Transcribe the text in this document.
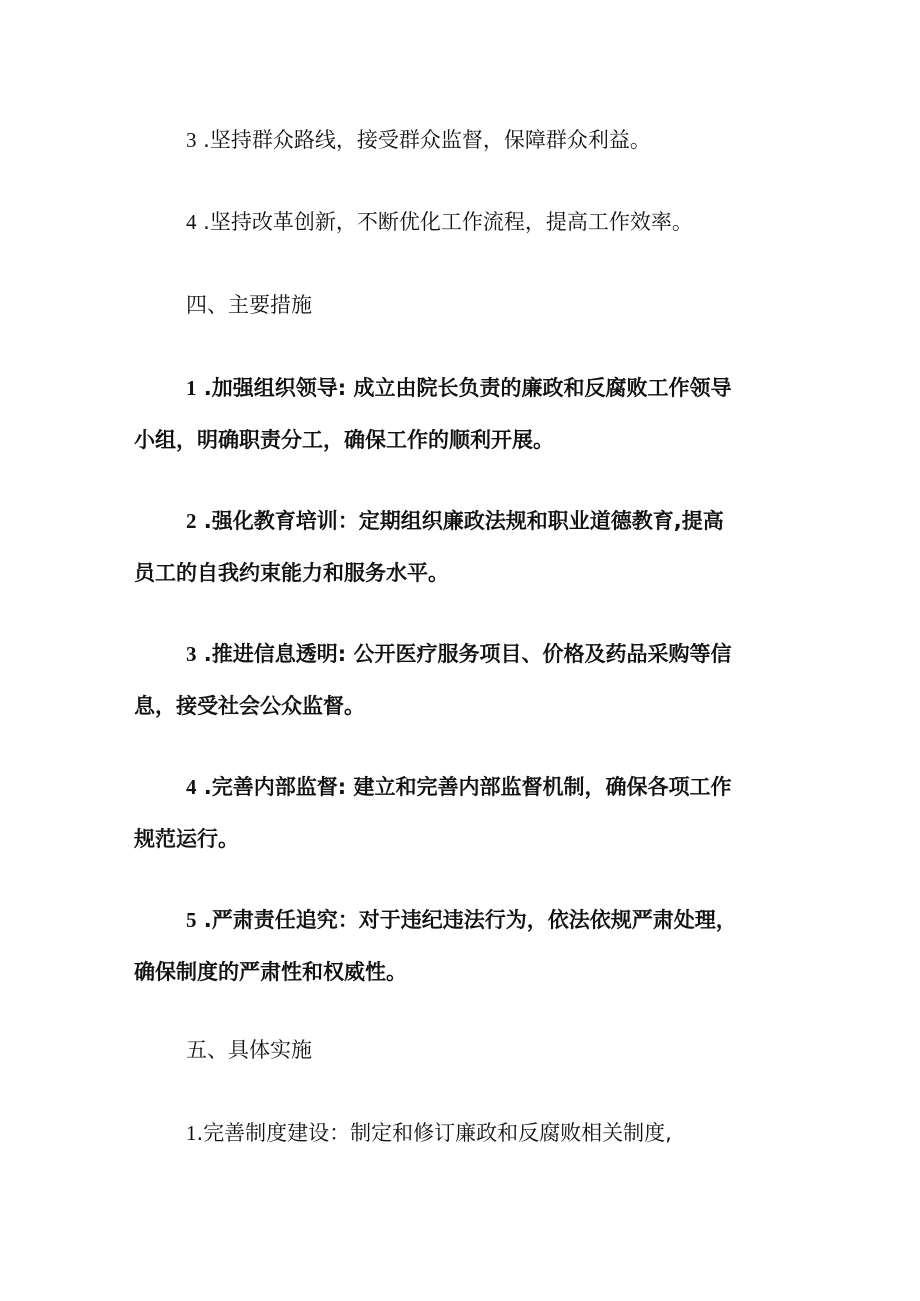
3 .坚持群众路线，接受群众监督，保障群众利益。
4 .坚持改革创新，不断优化工作流程，提高工作效率。
四、主要措施
1 .加强组织领导: 成立由院长负责的廉政和反腐败工作领导
小组，明确职责分工，确保工作的顺利开展。
2 .强化教育培训：定期组织廉政法规和职业道德教育,提高
员工的自我约束能力和服务水平。
3 .推进信息透明: 公开医疗服务项目、价格及药品采购等信
息，接受社会公众监督。
4 .完善内部监督: 建立和完善内部监督机制，确保各项工作
规范运行。
5 .严肃责任追究：对于违纪违法行为，依法依规严肃处理，
确保制度的严肃性和权威性。
五、具体实施
1.完善制度建设：制定和修订廉政和反腐败相关制度,
